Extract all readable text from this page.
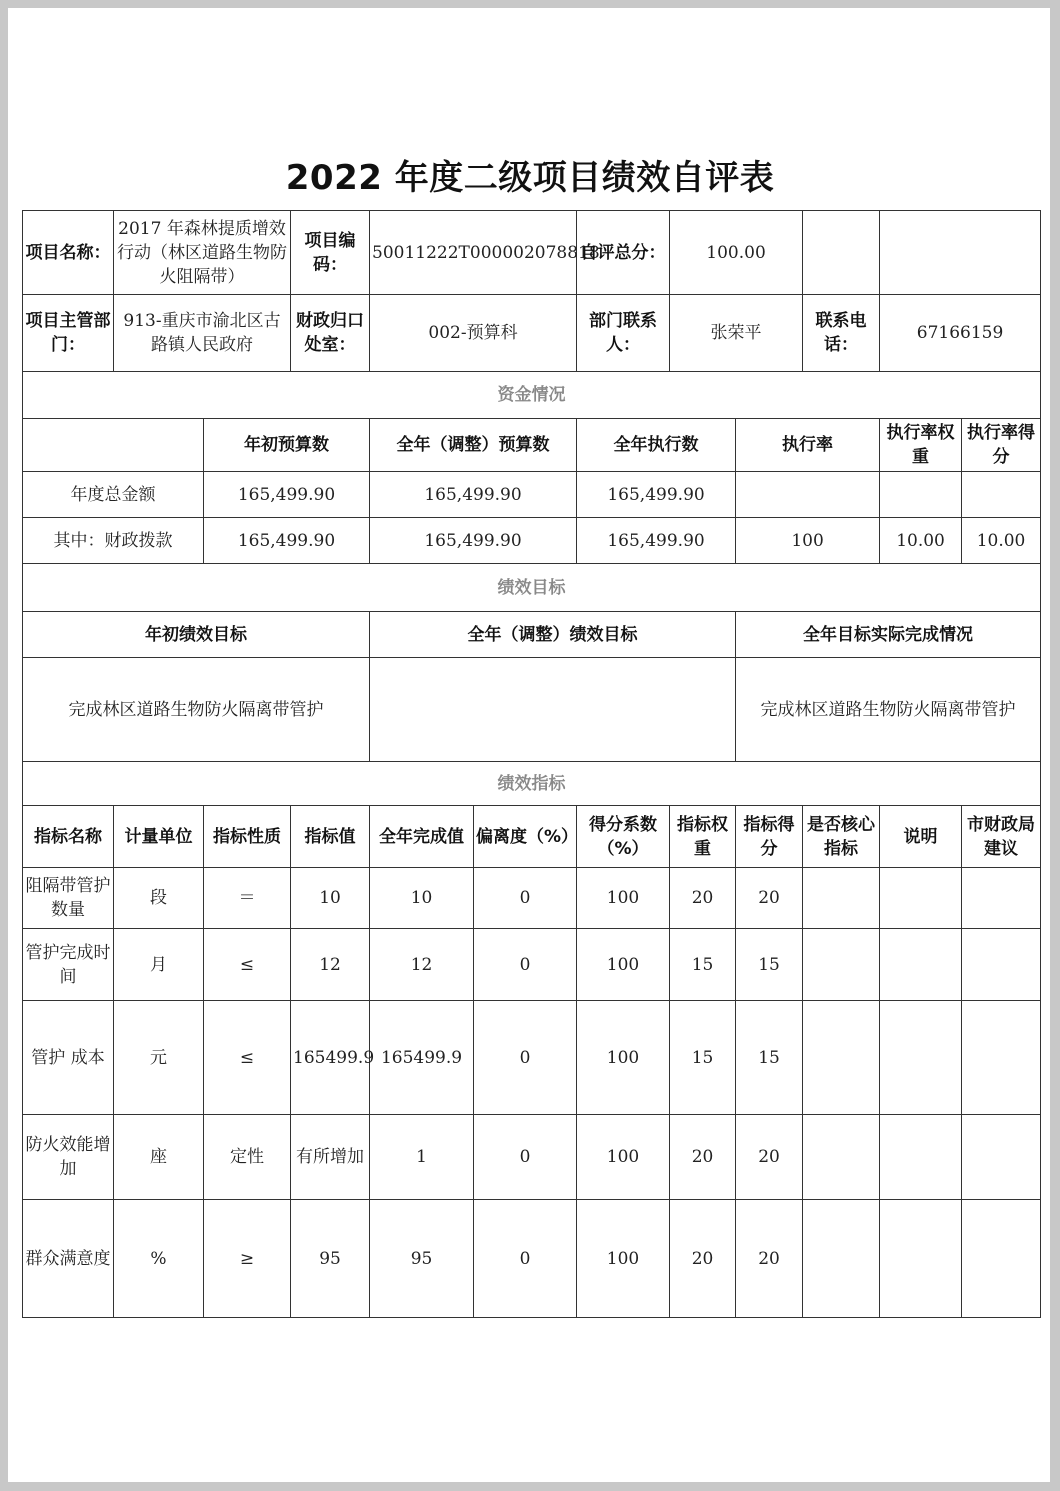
2022 年度二级项目绩效自评表
项目名称：	2017 年森林提质增效行动（林区道路生物防火阻隔带）		项目编码：	50011222T000002078818		自评总分：	100.00				
项目主管部门：	913-重庆市渝北区古路镇人民政府		财政归口处室：	002-预算科		部门联系人：	张荣平		联系电话：	67166159	
资金情况											
		年初预算数		全年（调整）预算数		全年执行数		执行率		执行率权重	执行率得分
年度总金额		165,499.90		165,499.90		165,499.90					
其中：财政拨款		165,499.90		165,499.90		165,499.90		100		10.00	10.00
绩效目标											
年初绩效目标				全年（调整）绩效目标				全年目标实际完成情况			
完成林区道路生物防火隔离带管护								完成林区道路生物防火隔离带管护			
绩效指标											
指标名称	计量单位	指标性质	指标值	全年完成值	偏离度（%）	得分系数（%）	指标权重	指标得分	是否核心指标	说明	市财政局建议
阻隔带管护数量	段	＝	10	10	0	100	20	20			
管护完成时间	月	≤	12	12	0	100	15	15			
管护 成本	元	≤	165499.9	165499.9	0	100	15	15			
防火效能增加	座	定性	有所增加	1	0	100	20	20			
群众满意度	%	≥	95	95	0	100	20	20			
